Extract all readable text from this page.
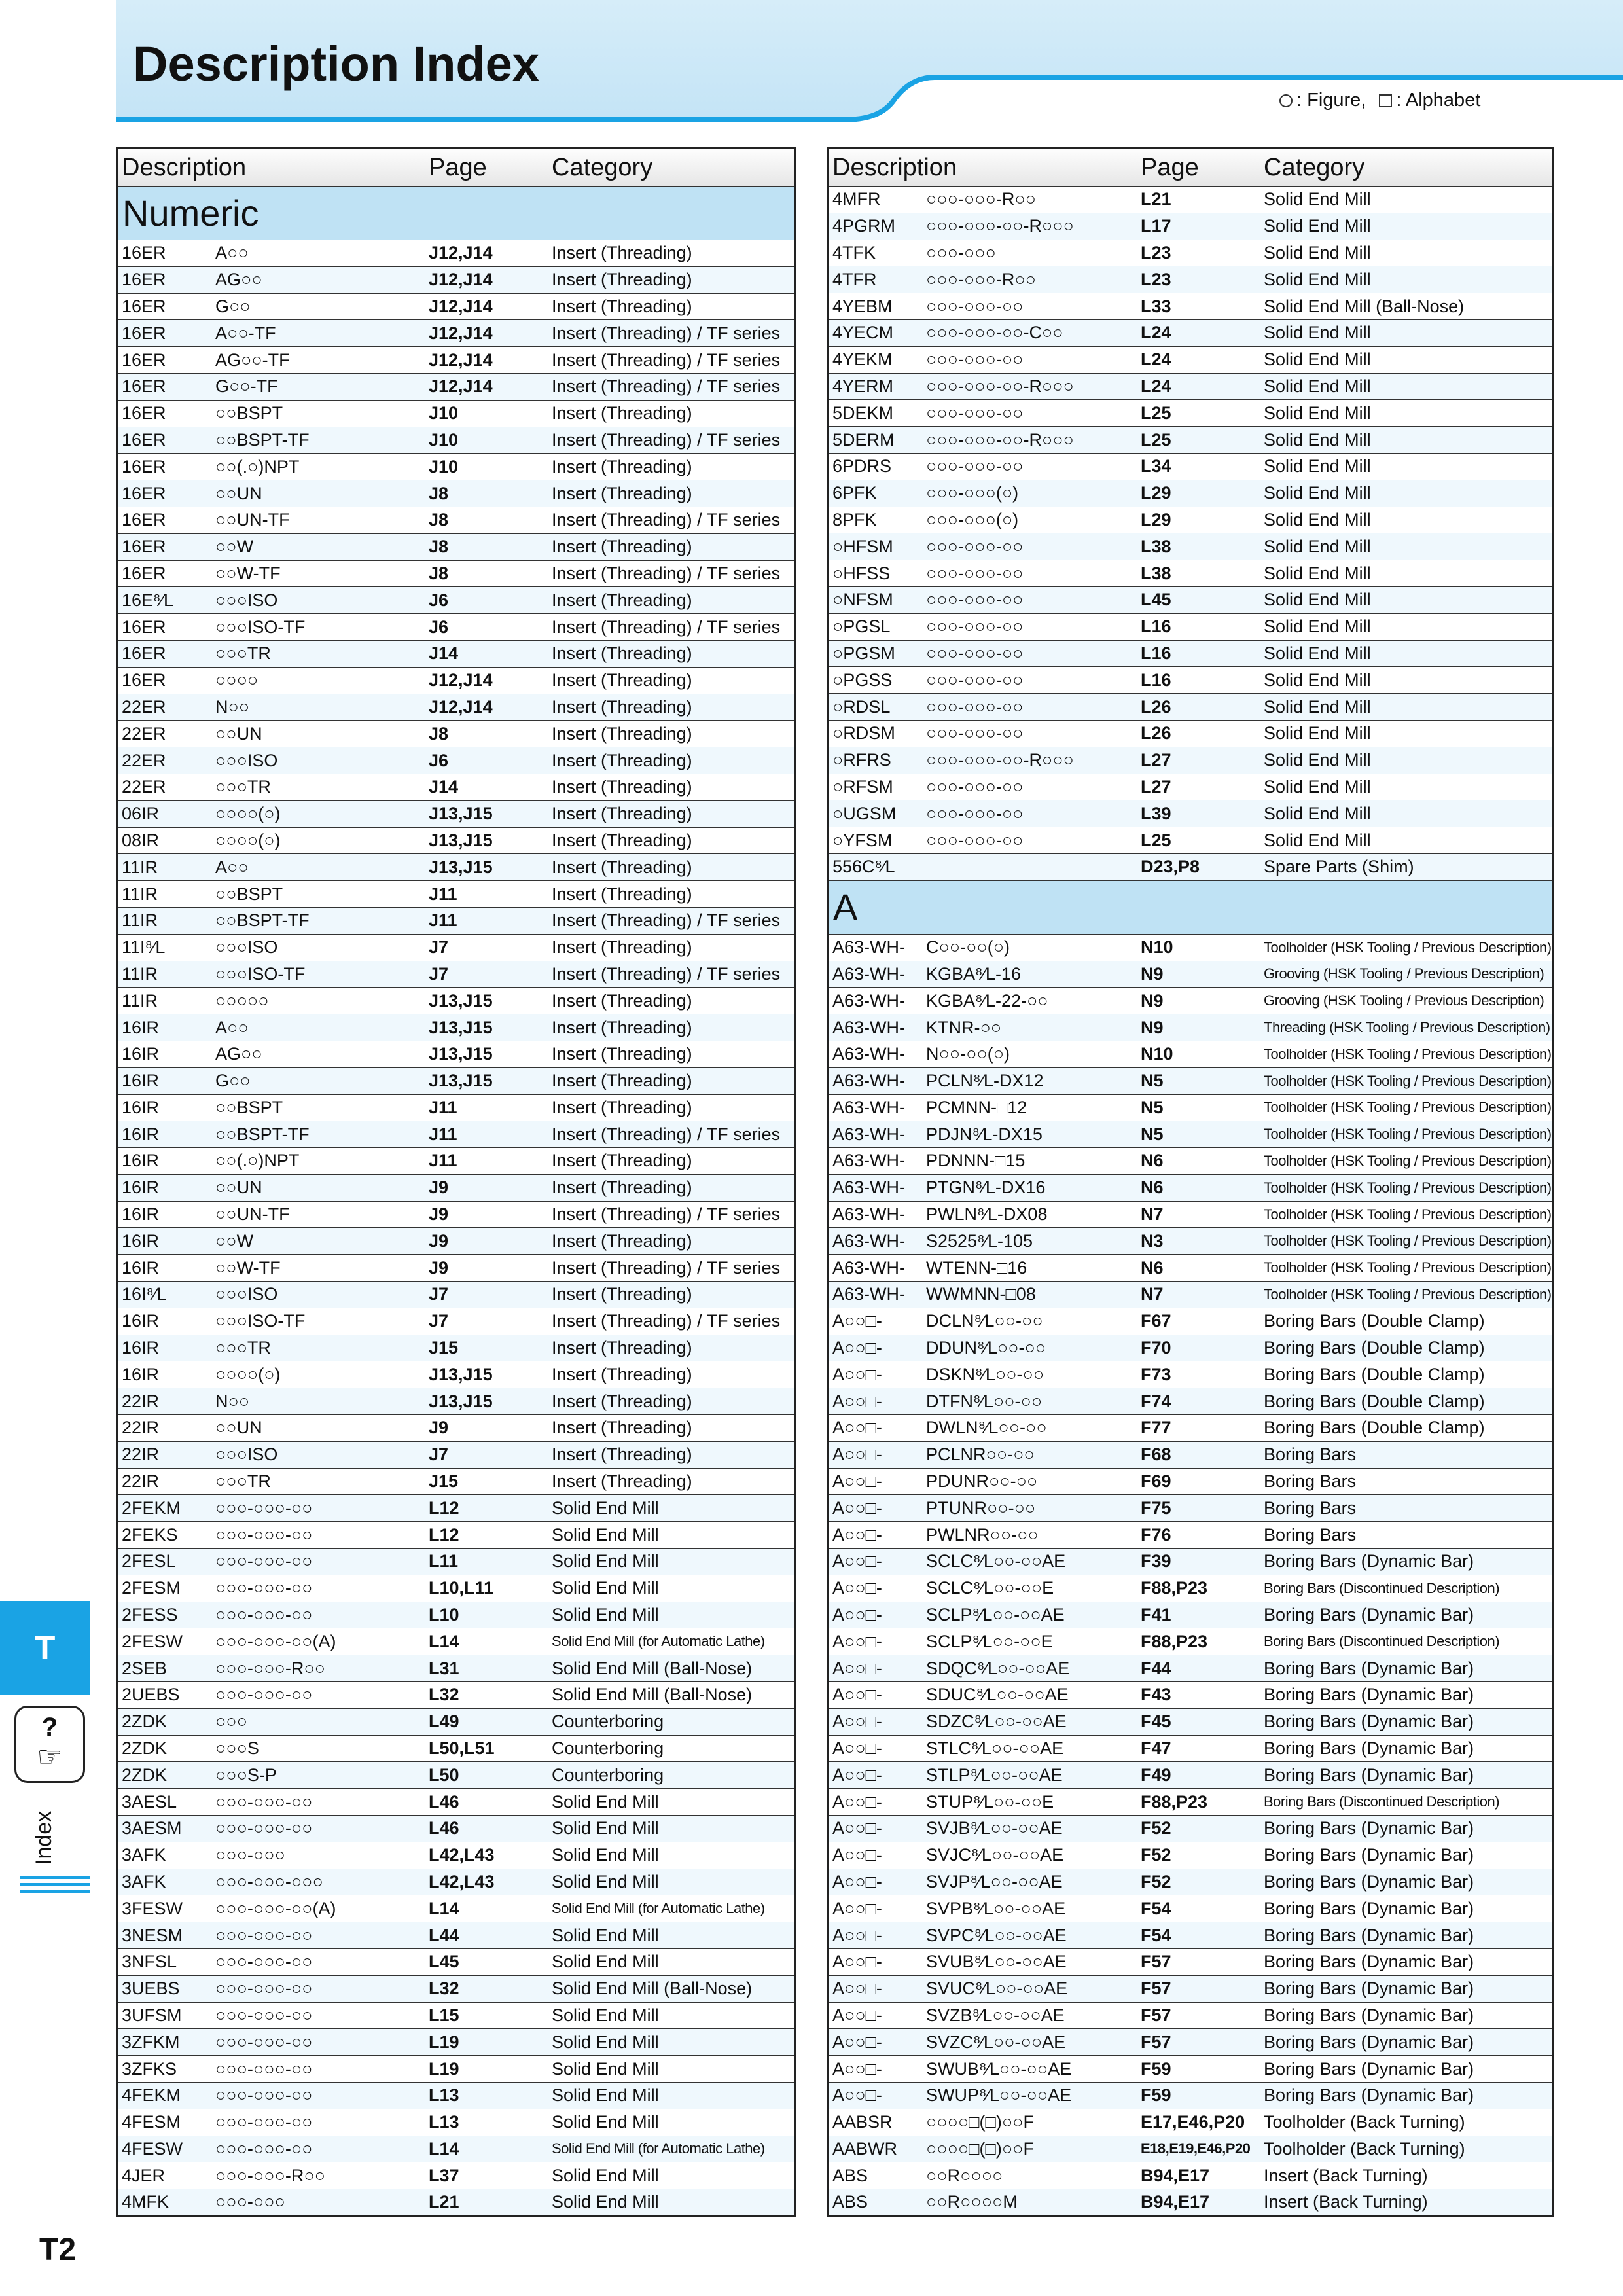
Description Index
: Figure, : Alphabet
Description	Page	Category
Numeric		
16ER A○○	J12,J14	Insert (Threading)
16ER AG○○	J12,J14	Insert (Threading)
16ER G○○	J12,J14	Insert (Threading)
16ER A○○-TF	J12,J14	Insert (Threading) / TF series
16ER AG○○-TF	J12,J14	Insert (Threading) / TF series
16ER G○○-TF	J12,J14	Insert (Threading) / TF series
16ER ○○BSPT	J10	Insert (Threading)
16ER ○○BSPT-TF	J10	Insert (Threading) / TF series
16ER ○○(.○)NPT	J10	Insert (Threading)
16ER ○○UN	J8	Insert (Threading)
16ER ○○UN-TF	J8	Insert (Threading) / TF series
16ER ○○W	J8	Insert (Threading)
16ER ○○W-TF	J8	Insert (Threading) / TF series
16E⁸⁄L ○○○ISO	J6	Insert (Threading)
16ER ○○○ISO-TF	J6	Insert (Threading) / TF series
16ER ○○○TR	J14	Insert (Threading)
16ER ○○○○	J12,J14	Insert (Threading)
22ER N○○	J12,J14	Insert (Threading)
22ER ○○UN	J8	Insert (Threading)
22ER ○○○ISO	J6	Insert (Threading)
22ER ○○○TR	J14	Insert (Threading)
06IR ○○○○(○)	J13,J15	Insert (Threading)
08IR ○○○○(○)	J13,J15	Insert (Threading)
11IR A○○	J13,J15	Insert (Threading)
11IR ○○BSPT	J11	Insert (Threading)
11IR ○○BSPT-TF	J11	Insert (Threading) / TF series
11I⁸⁄L ○○○ISO	J7	Insert (Threading)
11IR ○○○ISO-TF	J7	Insert (Threading) / TF series
11IR ○○○○○	J13,J15	Insert (Threading)
16IR A○○	J13,J15	Insert (Threading)
16IR AG○○	J13,J15	Insert (Threading)
16IR G○○	J13,J15	Insert (Threading)
16IR ○○BSPT	J11	Insert (Threading)
16IR ○○BSPT-TF	J11	Insert (Threading) / TF series
16IR ○○(.○)NPT	J11	Insert (Threading)
16IR ○○UN	J9	Insert (Threading)
16IR ○○UN-TF	J9	Insert (Threading) / TF series
16IR ○○W	J9	Insert (Threading)
16IR ○○W-TF	J9	Insert (Threading) / TF series
16I⁸⁄L ○○○ISO	J7	Insert (Threading)
16IR ○○○ISO-TF	J7	Insert (Threading) / TF series
16IR ○○○TR	J15	Insert (Threading)
16IR ○○○○(○)	J13,J15	Insert (Threading)
22IR N○○	J13,J15	Insert (Threading)
22IR ○○UN	J9	Insert (Threading)
22IR ○○○ISO	J7	Insert (Threading)
22IR ○○○TR	J15	Insert (Threading)
2FEKM ○○○-○○○-○○	L12	Solid End Mill
2FEKS ○○○-○○○-○○	L12	Solid End Mill
2FESL ○○○-○○○-○○	L11	Solid End Mill
2FESM ○○○-○○○-○○	L10,L11	Solid End Mill
2FESS ○○○-○○○-○○	L10	Solid End Mill
2FESW ○○○-○○○-○○(A)	L14	Solid End Mill (for Automatic Lathe)
2SEB ○○○-○○○-R○○	L31	Solid End Mill (Ball-Nose)
2UEBS ○○○-○○○-○○	L32	Solid End Mill (Ball-Nose)
2ZDK ○○○	L49	Counterboring
2ZDK ○○○S	L50,L51	Counterboring
2ZDK ○○○S-P	L50	Counterboring
3AESL ○○○-○○○-○○	L46	Solid End Mill
3AESM ○○○-○○○-○○	L46	Solid End Mill
3AFK ○○○-○○○	L42,L43	Solid End Mill
3AFK ○○○-○○○-○○○	L42,L43	Solid End Mill
3FESW ○○○-○○○-○○(A)	L14	Solid End Mill (for Automatic Lathe)
3NESM ○○○-○○○-○○	L44	Solid End Mill
3NFSL ○○○-○○○-○○	L45	Solid End Mill
3UEBS ○○○-○○○-○○	L32	Solid End Mill (Ball-Nose)
3UFSM ○○○-○○○-○○	L15	Solid End Mill
3ZFKM ○○○-○○○-○○	L19	Solid End Mill
3ZFKS ○○○-○○○-○○	L19	Solid End Mill
4FEKM ○○○-○○○-○○	L13	Solid End Mill
4FESM ○○○-○○○-○○	L13	Solid End Mill
4FESW ○○○-○○○-○○	L14	Solid End Mill (for Automatic Lathe)
4JER ○○○-○○○-R○○	L37	Solid End Mill
4MFK ○○○-○○○	L21	Solid End Mill
Description	Page	Category
4MFR ○○○-○○○-R○○	L21	Solid End Mill
4PGRM ○○○-○○○-○○-R○○○	L17	Solid End Mill
4TFK ○○○-○○○	L23	Solid End Mill
4TFR ○○○-○○○-R○○	L23	Solid End Mill
4YEBM ○○○-○○○-○○	L33	Solid End Mill (Ball-Nose)
4YECM ○○○-○○○-○○-C○○	L24	Solid End Mill
4YEKM ○○○-○○○-○○	L24	Solid End Mill
4YERM ○○○-○○○-○○-R○○○	L24	Solid End Mill
5DEKM ○○○-○○○-○○	L25	Solid End Mill
5DERM ○○○-○○○-○○-R○○○	L25	Solid End Mill
6PDRS ○○○-○○○-○○	L34	Solid End Mill
6PFK ○○○-○○○(○)	L29	Solid End Mill
8PFK ○○○-○○○(○)	L29	Solid End Mill
○HFSM ○○○-○○○-○○	L38	Solid End Mill
○HFSS ○○○-○○○-○○	L38	Solid End Mill
○NFSM ○○○-○○○-○○	L45	Solid End Mill
○PGSL ○○○-○○○-○○	L16	Solid End Mill
○PGSM ○○○-○○○-○○	L16	Solid End Mill
○PGSS ○○○-○○○-○○	L16	Solid End Mill
○RDSL ○○○-○○○-○○	L26	Solid End Mill
○RDSM ○○○-○○○-○○	L26	Solid End Mill
○RFRS ○○○-○○○-○○-R○○○	L27	Solid End Mill
○RFSM ○○○-○○○-○○	L27	Solid End Mill
○UGSM ○○○-○○○-○○	L39	Solid End Mill
○YFSM ○○○-○○○-○○	L25	Solid End Mill
556C⁸⁄L	D23,P8	Spare Parts (Shim)
A		
A63-WH- C○○-○○(○)	N10	Toolholder (HSK Tooling / Previous Description)
A63-WH- KGBA⁸⁄L-16	N9	Grooving (HSK Tooling / Previous Description)
A63-WH- KGBA⁸⁄L-22-○○	N9	Grooving (HSK Tooling / Previous Description)
A63-WH- KTNR-○○	N9	Threading (HSK Tooling / Previous Description)
A63-WH- N○○-○○(○)	N10	Toolholder (HSK Tooling / Previous Description)
A63-WH- PCLN⁸⁄L-DX12	N5	Toolholder (HSK Tooling / Previous Description)
A63-WH- PCMNN-□12	N5	Toolholder (HSK Tooling / Previous Description)
A63-WH- PDJN⁸⁄L-DX15	N5	Toolholder (HSK Tooling / Previous Description)
A63-WH- PDNNN-□15	N6	Toolholder (HSK Tooling / Previous Description)
A63-WH- PTGN⁸⁄L-DX16	N6	Toolholder (HSK Tooling / Previous Description)
A63-WH- PWLN⁸⁄L-DX08	N7	Toolholder (HSK Tooling / Previous Description)
A63-WH- S2525⁸⁄L-105	N3	Toolholder (HSK Tooling / Previous Description)
A63-WH- WTENN-□16	N6	Toolholder (HSK Tooling / Previous Description)
A63-WH- WWMNN-□08	N7	Toolholder (HSK Tooling / Previous Description)
A○○□- DCLN⁸⁄L○○-○○	F67	Boring Bars (Double Clamp)
A○○□- DDUN⁸⁄L○○-○○	F70	Boring Bars (Double Clamp)
A○○□- DSKN⁸⁄L○○-○○	F73	Boring Bars (Double Clamp)
A○○□- DTFN⁸⁄L○○-○○	F74	Boring Bars (Double Clamp)
A○○□- DWLN⁸⁄L○○-○○	F77	Boring Bars (Double Clamp)
A○○□- PCLNR○○-○○	F68	Boring Bars
A○○□- PDUNR○○-○○	F69	Boring Bars
A○○□- PTUNR○○-○○	F75	Boring Bars
A○○□- PWLNR○○-○○	F76	Boring Bars
A○○□- SCLC⁸⁄L○○-○○AE	F39	Boring Bars (Dynamic Bar)
A○○□- SCLC⁸⁄L○○-○○E	F88,P23	Boring Bars (Discontinued Description)
A○○□- SCLP⁸⁄L○○-○○AE	F41	Boring Bars (Dynamic Bar)
A○○□- SCLP⁸⁄L○○-○○E	F88,P23	Boring Bars (Discontinued Description)
A○○□- SDQC⁸⁄L○○-○○AE	F44	Boring Bars (Dynamic Bar)
A○○□- SDUC⁸⁄L○○-○○AE	F43	Boring Bars (Dynamic Bar)
A○○□- SDZC⁸⁄L○○-○○AE	F45	Boring Bars (Dynamic Bar)
A○○□- STLC⁸⁄L○○-○○AE	F47	Boring Bars (Dynamic Bar)
A○○□- STLP⁸⁄L○○-○○AE	F49	Boring Bars (Dynamic Bar)
A○○□- STUP⁸⁄L○○-○○E	F88,P23	Boring Bars (Discontinued Description)
A○○□- SVJB⁸⁄L○○-○○AE	F52	Boring Bars (Dynamic Bar)
A○○□- SVJC⁸⁄L○○-○○AE	F52	Boring Bars (Dynamic Bar)
A○○□- SVJP⁸⁄L○○-○○AE	F52	Boring Bars (Dynamic Bar)
A○○□- SVPB⁸⁄L○○-○○AE	F54	Boring Bars (Dynamic Bar)
A○○□- SVPC⁸⁄L○○-○○AE	F54	Boring Bars (Dynamic Bar)
A○○□- SVUB⁸⁄L○○-○○AE	F57	Boring Bars (Dynamic Bar)
A○○□- SVUC⁸⁄L○○-○○AE	F57	Boring Bars (Dynamic Bar)
A○○□- SVZB⁸⁄L○○-○○AE	F57	Boring Bars (Dynamic Bar)
A○○□- SVZC⁸⁄L○○-○○AE	F57	Boring Bars (Dynamic Bar)
A○○□- SWUB⁸⁄L○○-○○AE	F59	Boring Bars (Dynamic Bar)
A○○□- SWUP⁸⁄L○○-○○AE	F59	Boring Bars (Dynamic Bar)
AABSR ○○○○□(□)○○F	E17,E46,P20	Toolholder (Back Turning)
AABWR ○○○○□(□)○○F	E18,E19,E46,P20	Toolholder (Back Turning)
ABS ○○R○○○○	B94,E17	Insert (Back Turning)
ABS ○○R○○○○M	B94,E17	Insert (Back Turning)
T
?
☞
Index
T2
